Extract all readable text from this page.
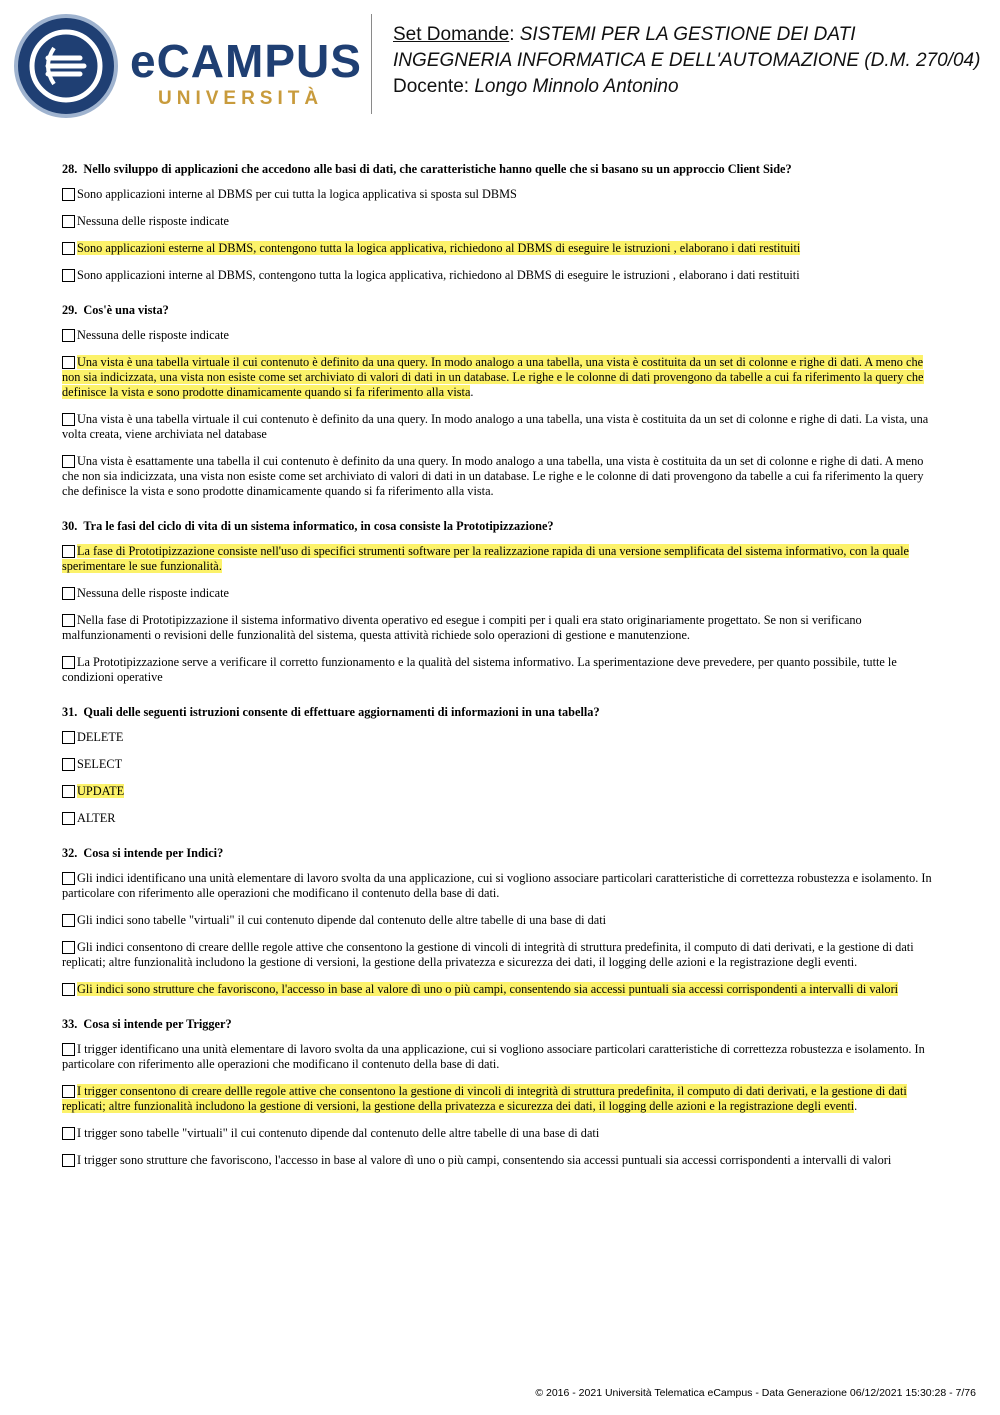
eCAMPUS
UNIVERSITÀ
Set Domande: SISTEMI PER LA GESTIONE DEI DATI
INGEGNERIA INFORMATICA E DELL'AUTOMAZIONE (D.M. 270/04)
Docente: Longo Minnolo Antonino
28. Nello sviluppo di applicazioni che accedono alle basi di dati, che caratteristiche hanno quelle che si basano su un approccio Client Side?
Sono applicazioni interne al DBMS per cui tutta la logica applicativa si sposta sul DBMS
Nessuna delle risposte indicate
Sono applicazioni esterne al DBMS, contengono tutta la logica applicativa, richiedono al DBMS di eseguire le istruzioni , elaborano i dati restituiti
Sono applicazioni interne al DBMS, contengono tutta la logica applicativa, richiedono al DBMS di eseguire le istruzioni , elaborano i dati restituiti
29. Cos'è una vista?
Nessuna delle risposte indicate
Una vista è una tabella virtuale il cui contenuto è definito da una query. In modo analogo a una tabella, una vista è costituita da un set di colonne e righe di dati. A meno che non sia indicizzata, una vista non esiste come set archiviato di valori di dati in un database. Le righe e le colonne di dati provengono da tabelle a cui fa riferimento la query che definisce la vista e sono prodotte dinamicamente quando si fa riferimento alla vista.
Una vista è una tabella virtuale il cui contenuto è definito da una query. In modo analogo a una tabella, una vista è costituita da un set di colonne e righe di dati. La vista, una volta creata, viene archiviata nel database
Una vista è esattamente una tabella il cui contenuto è definito da una query. In modo analogo a una tabella, una vista è costituita da un set di colonne e righe di dati. A meno che non sia indicizzata, una vista non esiste come set archiviato di valori di dati in un database. Le righe e le colonne di dati provengono da tabelle a cui fa riferimento la query che definisce la vista e sono prodotte dinamicamente quando si fa riferimento alla vista.
30. Tra le fasi del ciclo di vita di un sistema informatico, in cosa consiste la Prototipizzazione?
La fase di Prototipizzazione consiste nell'uso di specifici strumenti software per la realizzazione rapida di una versione semplificata del sistema informativo, con la quale sperimentare le sue funzionalità.
Nessuna delle risposte indicate
Nella fase di Prototipizzazione il sistema informativo diventa operativo ed esegue i compiti per i quali era stato originariamente progettato. Se non si verificano malfunzionamenti o revisioni delle funzionalità del sistema, questa attività richiede solo operazioni di gestione e manutenzione.
La Prototipizzazione serve a verificare il corretto funzionamento e la qualità del sistema informativo. La sperimentazione deve prevedere, per quanto possibile, tutte le condizioni operative
31. Quali delle seguenti istruzioni consente di effettuare aggiornamenti di informazioni in una tabella?
DELETE
SELECT
UPDATE
ALTER
32. Cosa si intende per Indici?
Gli indici identificano una unità elementare di lavoro svolta da una applicazione, cui si vogliono associare particolari caratteristiche di correttezza robustezza e isolamento. In particolare con riferimento alle operazioni che modificano il contenuto della base di dati.
Gli indici sono tabelle "virtuali" il cui contenuto dipende dal contenuto delle altre tabelle di una base di dati
Gli indici consentono di creare dellle regole attive che consentono la gestione di vincoli di integrità di struttura predefinita, il computo di dati derivati, e la gestione di dati replicati; altre funzionalità includono la gestione di versioni, la gestione della privatezza e sicurezza dei dati, il logging delle azioni e la registrazione degli eventi.
Gli indici sono strutture che favoriscono, l'accesso in base al valore dì uno o più campi, consentendo sia accessi puntuali sia accessi corrispondenti a intervalli di valori
33. Cosa si intende per Trigger?
I trigger identificano una unità elementare di lavoro svolta da una applicazione, cui si vogliono associare particolari caratteristiche di correttezza robustezza e isolamento. In particolare con riferimento alle operazioni che modificano il contenuto della base di dati.
I trigger consentono di creare dellle regole attive che consentono la gestione di vincoli di integrità di struttura predefinita, il computo di dati derivati, e la gestione di dati replicati; altre funzionalità includono la gestione di versioni, la gestione della privatezza e sicurezza dei dati, il logging delle azioni e la registrazione degli eventi.
I trigger sono tabelle "virtuali" il cui contenuto dipende dal contenuto delle altre tabelle di una base di dati
I trigger sono strutture che favoriscono, l'accesso in base al valore dì uno o più campi, consentendo sia accessi puntuali sia accessi corrispondenti a intervalli di valori
© 2016 - 2021 Università Telematica eCampus - Data Generazione 06/12/2021 15:30:28 - 7/76
